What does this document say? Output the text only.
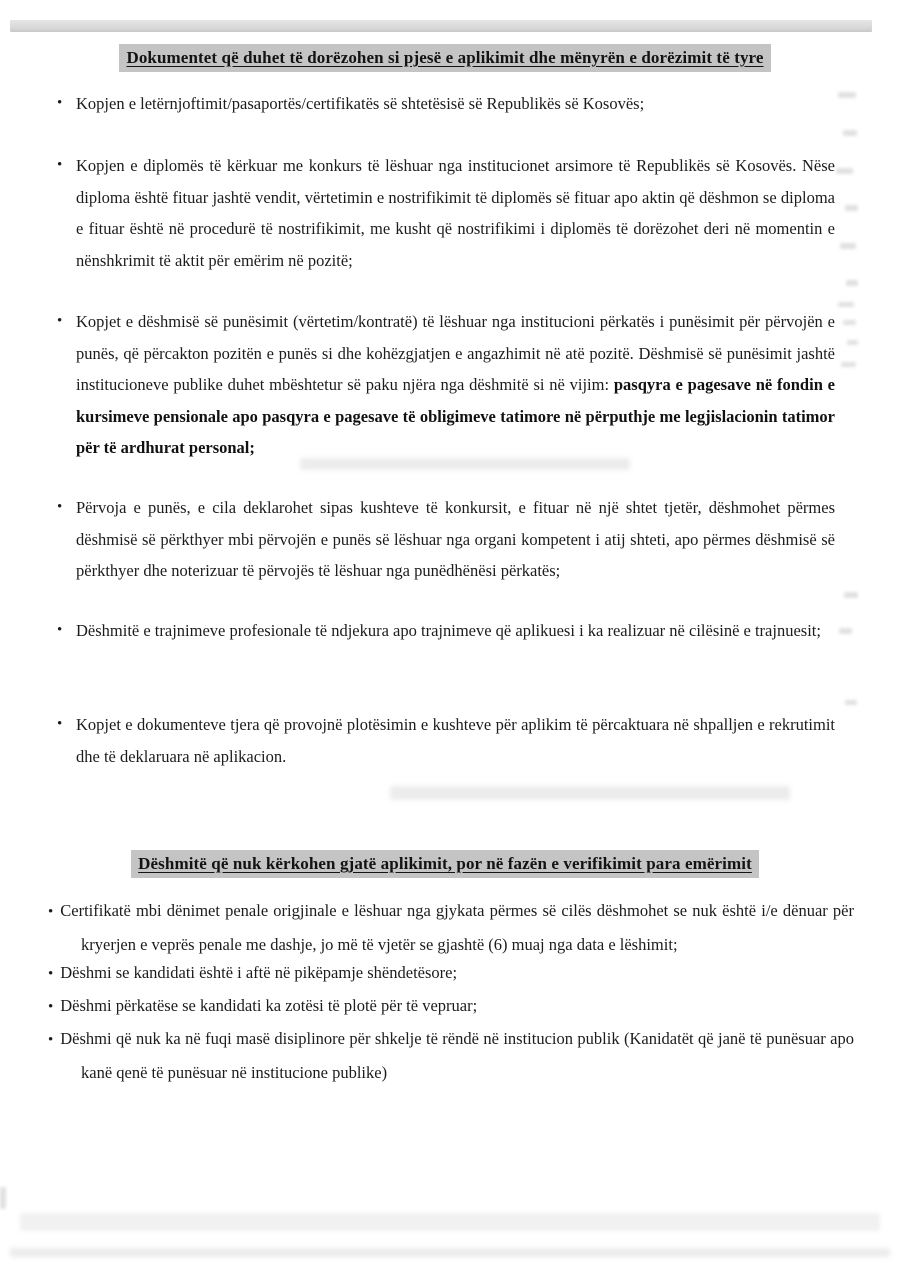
Dokumentet që duhet të dorëzohen si pjesë e aplikimit dhe mënyrën e dorëzimit të tyre
• Kopjen e letërnjoftimit/pasaportës/certifikatës së shtetësisë së Republikës së Kosovës;
• Kopjen e diplomës të kërkuar me konkurs të lëshuar nga institucionet arsimore të Republikës së Kosovës. Nëse diploma është fituar jashtë vendit, vërtetimin e nostrifikimit të diplomës së fituar apo aktin që dëshmon se diploma e fituar është në procedurë të nostrifikimit, me kusht që nostrifikimi i diplomës të dorëzohet deri në momentin e nënshkrimit të aktit për emërim në pozitë;
• Kopjet e dëshmisë së punësimit (vërtetim/kontratë) të lëshuar nga institucioni përkatës i punësimit për përvojën e punës, që përcakton pozitën e punës si dhe kohëzgjatjen e angazhimit në atë pozitë. Dëshmisë së punësimit jashtë institucioneve publike duhet mbështetur së paku njëra nga dëshmitë si në vijim: pasqyra e pagesave në fondin e kursimeve pensionale apo pasqyra e pagesave të obligimeve tatimore në përputhje me legjislacionin tatimor për të ardhurat personal;
• Përvoja e punës, e cila deklarohet sipas kushteve të konkursit, e fituar në një shtet tjetër, dëshmohet përmes dëshmisë së përkthyer mbi përvojën e punës së lëshuar nga organi kompetent i atij shteti, apo përmes dëshmisë së përkthyer dhe noterizuar të përvojës të lëshuar nga punëdhënësi përkatës;
• Dëshmitë e trajnimeve profesionale të ndjekura apo trajnimeve që aplikuesi i ka realizuar në cilësinë e trajnuesit;
• Kopjet e dokumenteve tjera që provojnë plotësimin e kushteve për aplikim të përcaktuara në shpalljen e rekrutimit dhe të deklaruara në aplikacion.
Dëshmitë që nuk kërkohen gjatë aplikimit, por në fazën e verifikimit para emërimit
• Certifikatë mbi dënimet penale origjinale e lëshuar nga gjykata përmes së cilës dëshmohet se nuk është i/e dënuar për kryerjen e veprës penale me dashje, jo më të vjetër se gjashtë (6) muaj nga data e lëshimit;
• Dëshmi se kandidati është i aftë në pikëpamje shëndetësore;
• Dëshmi përkatëse se kandidati ka zotësi të plotë për të vepruar;
• Dëshmi që nuk ka në fuqi masë disiplinore për shkelje të rëndë në institucion publik (Kanidatët që janë të punësuar apo kanë qenë të punësuar në institucione publike)
